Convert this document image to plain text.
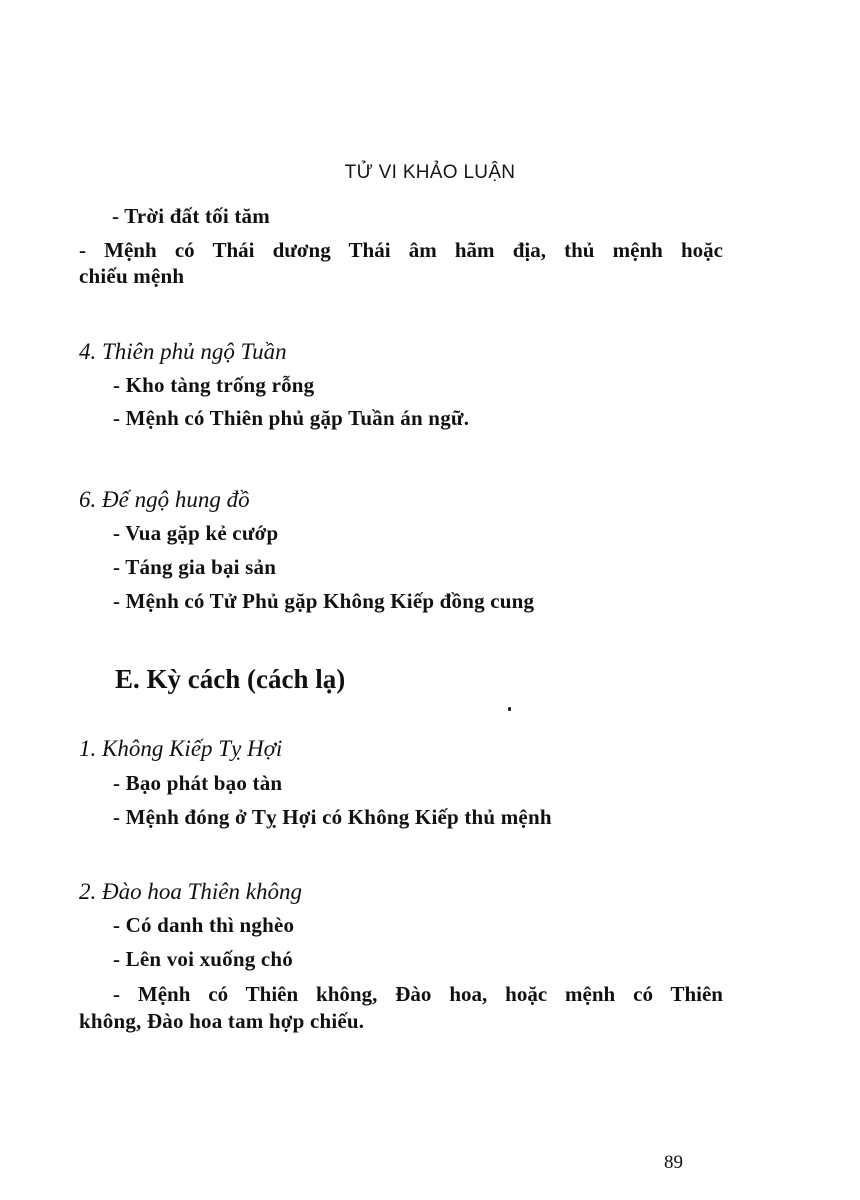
TỬ VI KHẢO LUẬN
- Trời đất tối tăm
- Mệnh có Thái dương Thái âm hãm địa, thủ mệnh hoặc
chiếu mệnh
4. Thiên phủ ngộ Tuần
- Kho tàng trống rỗng
- Mệnh có Thiên phủ gặp Tuần án ngữ.
6. Đế ngộ hung đồ
- Vua gặp kẻ cướp
- Táng gia bại sản
- Mệnh có Tử Phủ gặp Không Kiếp đồng cung
E. Kỳ cách (cách lạ)
1. Không Kiếp Tỵ Hợi
- Bạo phát bạo tàn
- Mệnh đóng ở Tỵ Hợi có Không Kiếp thủ mệnh
2. Đào hoa Thiên không
- Có danh thì nghèo
- Lên voi xuống chó
- Mệnh có Thiên không, Đào hoa, hoặc mệnh có Thiên
không, Đào hoa tam hợp chiếu.
89
